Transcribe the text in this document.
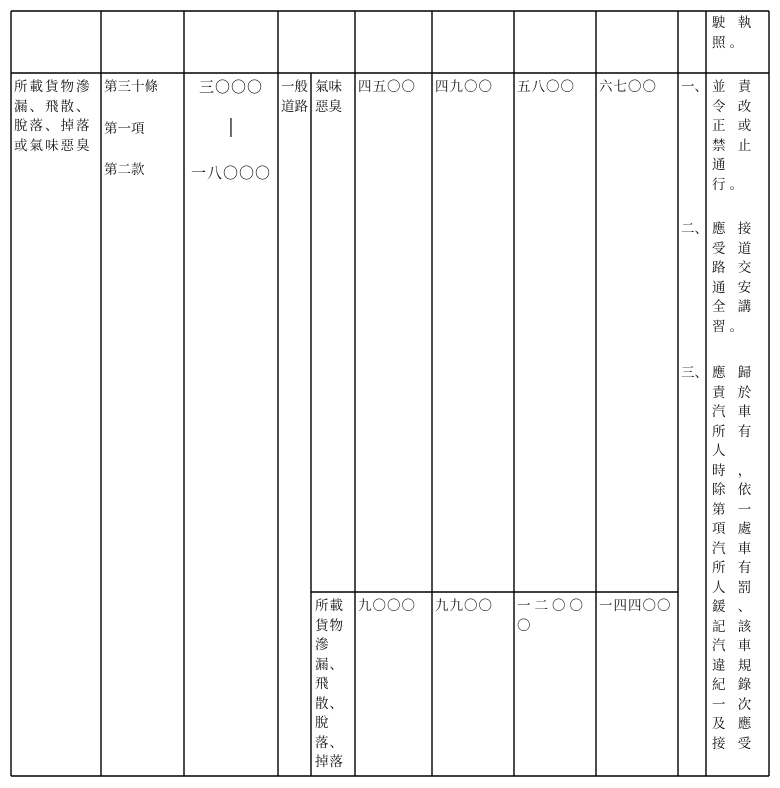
駛 執
照。
所載貨物滲
漏、飛散、
脫落、掉落
或氣味惡臭
第三十條
第一項
第二款
三〇〇〇
│
一八〇〇〇
一般
道路
氣味
惡臭
四五〇〇 四九〇〇 五八〇〇 六七〇〇
所載
貨物
滲
漏、
飛
散、
脫
落、
掉落
九〇〇〇 九九〇〇 一二〇〇
〇
一四四〇〇
一、 並 責
令 改
正 或
禁 止
通
行。
二、 應 接
受 道
路 交
通 安
全 講
習。
三、 應 歸
責 於
汽 車
所 有
人
時 ，
除 依
第 一
項 處
汽 車
所 有
人 罰
鍰 、
記 該
汽 車
違 規
紀 錄
一 次
及 應
接 受
